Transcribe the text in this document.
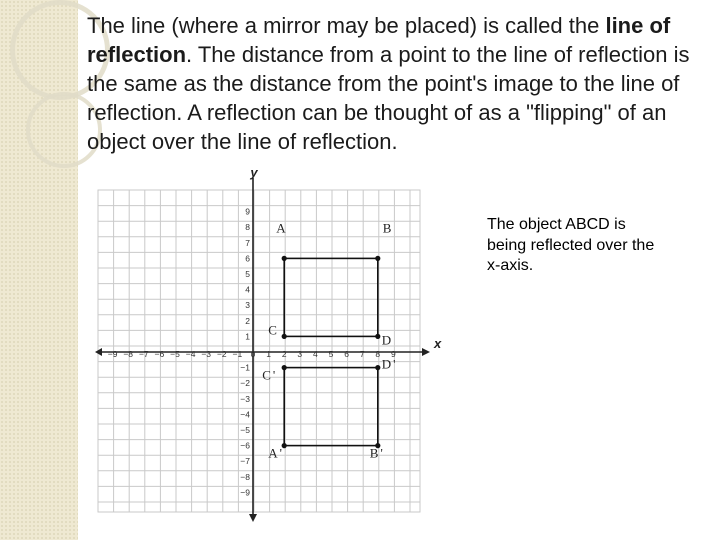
The line (where a mirror may be placed) is called the line of reflection. The distance from a point to the line of reflection is the same as the distance from the point's image to the line of reflection. A reflection can be thought of as a "flipping" of an object over the line of reflection.

The object ABCD is being reflected over the x-axis.

y
x
−9 −8 −7 −6 −5 −4 −3 −2 −1 0 1 2 3 4 5 6 7 8 9
9
8
7
6
5
4
3
2
1
−1
−2
−3
−4
−5
−6
−7
−8
−9
A	B
C
D
A'	B'
C'
D'
